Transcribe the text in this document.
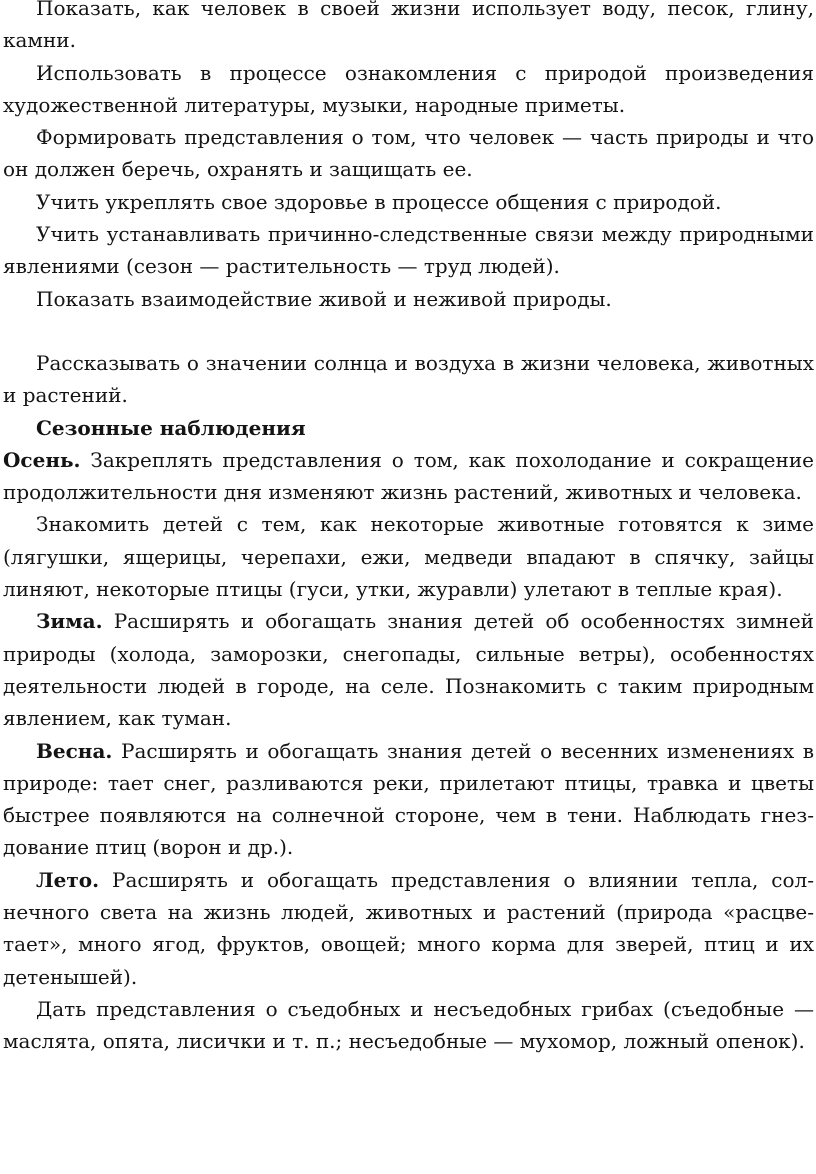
Показать, как человек в своей жизни использует воду, песок, глину, камни.

Использовать в процессе ознакомления с природой произведения художественной литературы, музыки, народные приметы.

Формировать представления о том, что человек — часть природы и что он должен беречь, охранять и защищать ее.

Учить укреплять свое здоровье в процессе общения с природой.

Учить устанавливать причинно-следственные связи между природными явлениями (сезон — растительность — труд людей).

Показать взаимодействие живой и неживой природы.

Рассказывать о значении солнца и воздуха в жизни человека, животных и растений.

Сезонные наблюдения

Осень. Закреплять представления о том, как похолодание и сокращение продолжительности дня изменяют жизнь растений, животных и человека.

Знакомить детей с тем, как некоторые животные готовятся к зиме (лягушки, ящерицы, черепахи, ежи, медведи впадают в спячку, зайцы линяют, некоторые птицы (гуси, утки, журавли) улетают в теплые края).

Зима. Расширять и обогащать знания детей об особенностях зимней природы (холода, заморозки, снегопады, сильные ветры), особенностях деятельности людей в городе, на селе. Познакомить с таким природным явлением, как туман.

Весна. Расширять и обогащать знания детей о весенних изменениях в природе: тает снег, разливаются реки, прилетают птицы, травка и цветы быстрее появляются на солнечной стороне, чем в тени. Наблюдать гнездование птиц (ворон и др.).

Лето. Расширять и обогащать представления о влиянии тепла, солнечного света на жизнь людей, животных и растений (природа «расцветает», много ягод, фруктов, овощей; много корма для зверей, птиц и их детенышей).

Дать представления о съедобных и несъедобных грибах (съедобные — маслята, опята, лисички и т. п.; несъедобные — мухомор, ложный опенок).
